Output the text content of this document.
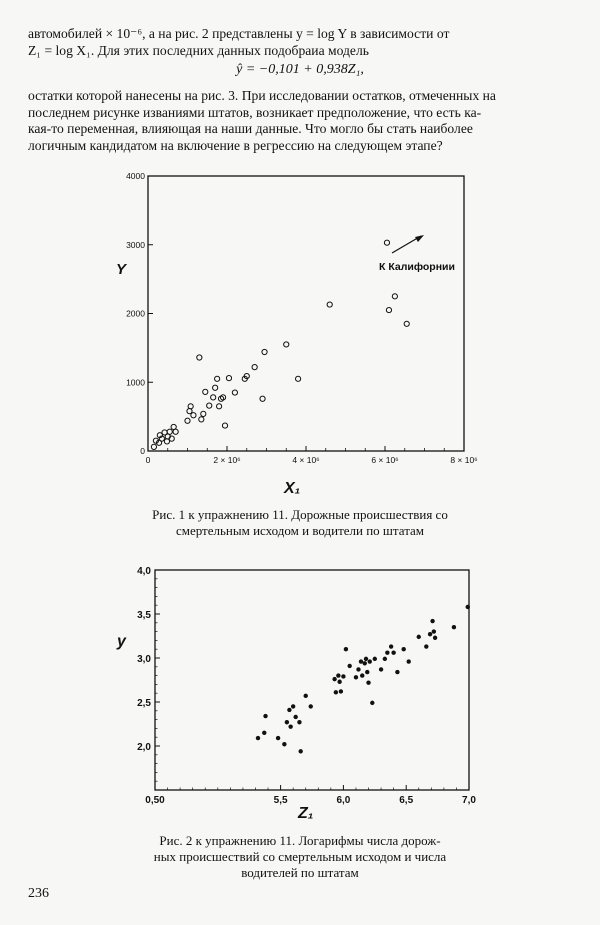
автомобилей × 10⁻⁶, а на рис. 2 представлены y = log Y в зависимости от
Z₁ = log X₁. Для этих последних данных подобраиа модель
ŷ = −0,101 + 0,938Z₁,
остатки которой нанесены на рис. 3. При исследовании остатков, отмеченных на
последнем рисунке изваниями штатов, возникает предположение, что есть ка-
кая-то переменная, влияющая на наши данные. Что могло бы стать наиболее
логичным кандидатом на включение в регрессию на следующем этапе?
0	2 × 10⁶	4 × 10⁶	6 × 10⁶	8 × 10⁶
0
1000
2000
3000
4000
Y
X₁
К Калифорнии
Рис. 1 к упражнению 11. Дорожные происшествия со
смертельным исходом и водители по штатам
0,50	5,5	6,0	6,5	7,0
2,0
2,5
3,0
3,5
4,0
y
Z₁
Рис. 2 к упражнению 11. Логарифмы числа дорож-
ных происшествий со смертельным исходом и числа
водителей по штатам
236
